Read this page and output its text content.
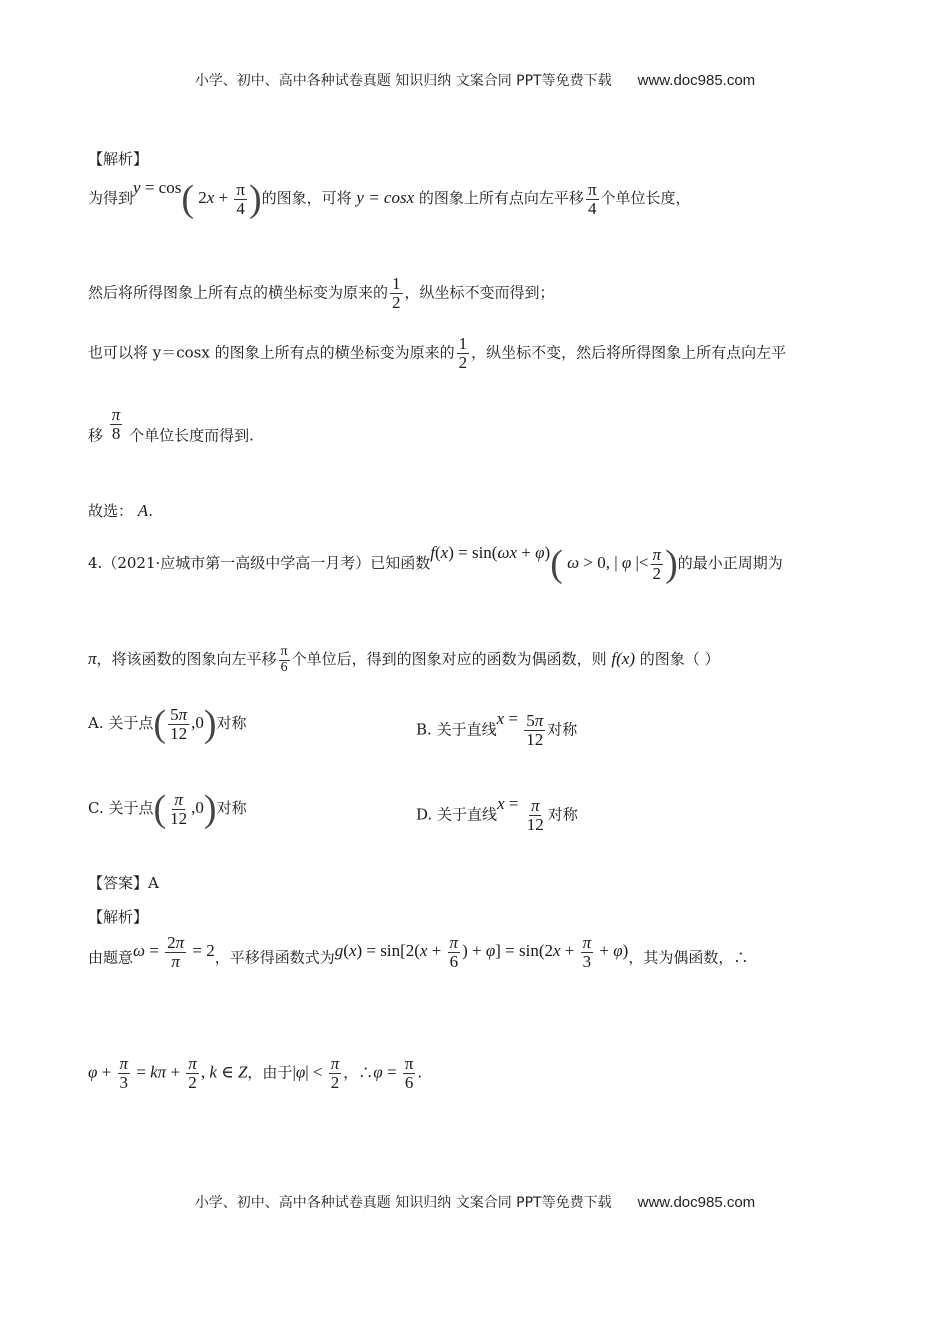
小学、初中、高中各种试卷真题 知识归纳 文案合同 PPT等免费下载 www.doc985.com
【解析】
为得到y = cos( $2x + \frac{\pi}{4}$ )的图象，可将 y = cosx 的图象上所有点向左平移 $\frac{\pi}{4}$ 个单位长度，
然后将所得图象上所有点的横坐标变为原来的 $\frac{1}{2}$ ，纵坐标不变而得到；
也可以将 y＝cosx 的图象上所有点的横坐标变为原来的 $\frac{1}{2}$ ，纵坐标不变，然后将所得图象上所有点向左平
移 $\frac{\pi}{8}$ 个单位长度而得到.
故选： A.
4.（2021·应城市第一高级中学高一月考）已知函数f(x) = sin(ωx + φ)( ω > 0, | φ |< $\frac{\pi}{2}$ )的最小正周期为
π，将该函数的图象向左平移 $\frac{\pi}{6}$ 个单位后，得到的图象对应的函数为偶函数，则 f(x) 的图象（ ）
A. 关于点( $\frac{5\pi}{12} ,0$)对称	B. 关于直线$x = \frac{5\pi}{12}$ 对称
C. 关于点( $\frac{\pi}{12} ,0$)对称	D. 关于直线$x = \frac{\pi}{12}$ 对称
【答案】A
【解析】
由题意$\omega = \frac{2\pi}{\pi} = 2$，平移得函数式为$g(x) = \sin[2(x + \frac{\pi}{6}$ ) + $\varphi] = \sin(2x + \frac{\pi}{3} + \varphi)$，其为偶函数，∴
$\varphi + \frac{\pi}{3} = k\pi + \frac{\pi}{2}$ , k ∈ Z，由于$|\varphi| < \frac{\pi}{2}$ ，∴φ = $\frac{\pi}{6}$ .
小学、初中、高中各种试卷真题 知识归纳 文案合同 PPT等免费下载 www.doc985.com
